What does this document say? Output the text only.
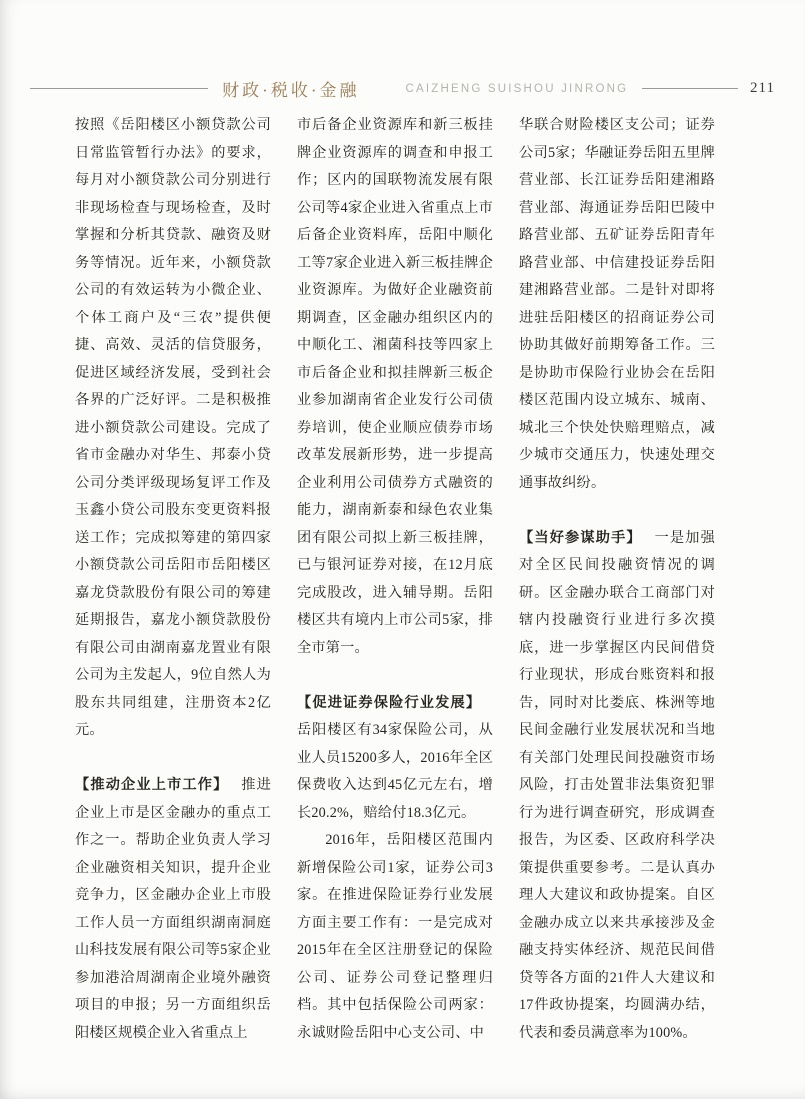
财政·税收·金融	CAIZHENG SUISHOU JINRONG	211

按照《岳阳楼区小额贷款公司日常监管暂行办法》的要求，每月对小额贷款公司分别进行非现场检查与现场检查，及时掌握和分析其贷款、融资及财务等情况。近年来，小额贷款公司的有效运转为小微企业、个体工商户及“三农”提供便捷、高效、灵活的信贷服务，促进区域经济发展，受到社会各界的广泛好评。二是积极推进小额贷款公司建设。完成了省市金融办对华生、邦泰小贷公司分类评级现场复评工作及玉鑫小贷公司股东变更资料报送工作；完成拟筹建的第四家小额贷款公司岳阳市岳阳楼区嘉龙贷款股份有限公司的筹建延期报告，嘉龙小额贷款股份有限公司由湖南嘉龙置业有限公司为主发起人，9位自然人为股东共同组建，注册资本2亿元。

【推动企业上市工作】 推进企业上市是区金融办的重点工作之一。帮助企业负责人学习企业融资相关知识，提升企业竞争力，区金融办企业上市股工作人员一方面组织湖南洞庭山科技发展有限公司等5家企业参加港洽周湖南企业境外融资项目的申报；另一方面组织岳阳楼区规模企业入省重点上

市后备企业资源库和新三板挂牌企业资源库的调查和申报工作；区内的国联物流发展有限公司等4家企业进入省重点上市后备企业资料库，岳阳中顺化工等7家企业进入新三板挂牌企业资源库。为做好企业融资前期调查，区金融办组织区内的中顺化工、湘菌科技等四家上市后备企业和拟挂牌新三板企业参加湖南省企业发行公司债券培训，使企业顺应债券市场改革发展新形势，进一步提高企业利用公司债券方式融资的能力，湖南新泰和绿色农业集团有限公司拟上新三板挂牌，已与银河证券对接，在12月底完成股改，进入辅导期。岳阳楼区共有境内上市公司5家，排全市第一。

【促进证券保险行业发展】岳阳楼区有34家保险公司，从业人员15200多人，2016年全区保费收入达到45亿元左右，增长20.2%，赔给付18.3亿元。

2016年，岳阳楼区范围内新增保险公司1家，证券公司3家。在推进保险证券行业发展方面主要工作有：一是完成对2015年在全区注册登记的保险公司、证券公司登记整理归档。其中包括保险公司两家：永诚财险岳阳中心支公司、中

华联合财险楼区支公司；证券公司5家；华融证券岳阳五里牌营业部、长江证券岳阳建湘路营业部、海通证券岳阳巴陵中路营业部、五矿证券岳阳青年路营业部、中信建投证券岳阳建湘路营业部。二是针对即将进驻岳阳楼区的招商证券公司协助其做好前期筹备工作。三是协助市保险行业协会在岳阳楼区范围内设立城东、城南、城北三个快处快赔理赔点，减少城市交通压力，快速处理交通事故纠纷。

【当好参谋助手】 一是加强对全区民间投融资情况的调研。区金融办联合工商部门对辖内投融资行业进行多次摸底，进一步掌握区内民间借贷行业现状，形成台账资料和报告，同时对比娄底、株洲等地民间金融行业发展状况和当地有关部门处理民间投融资市场风险，打击处置非法集资犯罪行为进行调查研究，形成调查报告，为区委、区政府科学决策提供重要参考。二是认真办理人大建议和政协提案。自区金融办成立以来共承接涉及金融支持实体经济、规范民间借贷等各方面的21件人大建议和17件政协提案，均圆满办结，代表和委员满意率为100%。
